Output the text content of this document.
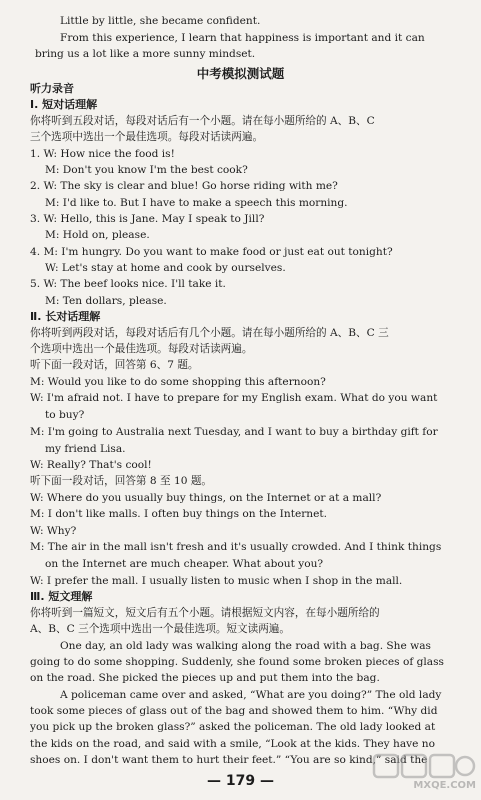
Little by little, she became confident.
From this experience, I learn that happiness is important and it can
bring us a lot like a more sunny mindset.
中考模拟测试题
听力录音
Ⅰ. 短对话理解
你将听到五段对话，每段对话后有一个小题。请在每小题所给的 A、B、C
三个选项中选出一个最佳选项。每段对话读两遍。
1. W: How nice the food is!
M: Don't you know I'm the best cook?
2. W: The sky is clear and blue! Go horse riding with me?
M: I'd like to. But I have to make a speech this morning.
3. W: Hello, this is Jane. May I speak to Jill?
M: Hold on, please.
4. M: I'm hungry. Do you want to make food or just eat out tonight?
W: Let's stay at home and cook by ourselves.
5. W: The beef looks nice. I'll take it.
M: Ten dollars, please.
Ⅱ. 长对话理解
你将听到两段对话，每段对话后有几个小题。请在每小题所给的 A、B、C 三
个选项中选出一个最佳选项。每段对话读两遍。
听下面一段对话，回答第 6、7 题。
M: Would you like to do some shopping this afternoon?
W: I'm afraid not. I have to prepare for my English exam. What do you want
to buy?
M: I'm going to Australia next Tuesday, and I want to buy a birthday gift for
my friend Lisa.
W: Really? That's cool!
听下面一段对话，回答第 8 至 10 题。
W: Where do you usually buy things, on the Internet or at a mall?
M: I don't like malls. I often buy things on the Internet.
W: Why?
M: The air in the mall isn't fresh and it's usually crowded. And I think things
on the Internet are much cheaper. What about you?
W: I prefer the mall. I usually listen to music when I shop in the mall.
Ⅲ. 短文理解
你将听到一篇短文，短文后有五个小题。请根据短文内容，在每小题所给的
A、B、C 三个选项中选出一个最佳选项。短文读两遍。
One day, an old lady was walking along the road with a bag. She was
going to do some shopping. Suddenly, she found some broken pieces of glass
on the road. She picked the pieces up and put them into the bag.
A policeman came over and asked, “What are you doing?” The old lady
took some pieces of glass out of the bag and showed them to him. “Why did
you pick up the broken glass?” asked the policeman. The old lady looked at
the kids on the road, and said with a smile, “Look at the kids. They have no
shoes on. I don't want them to hurt their feet.” “You are so kind,” said the
— 179 —	MXQE.COM
